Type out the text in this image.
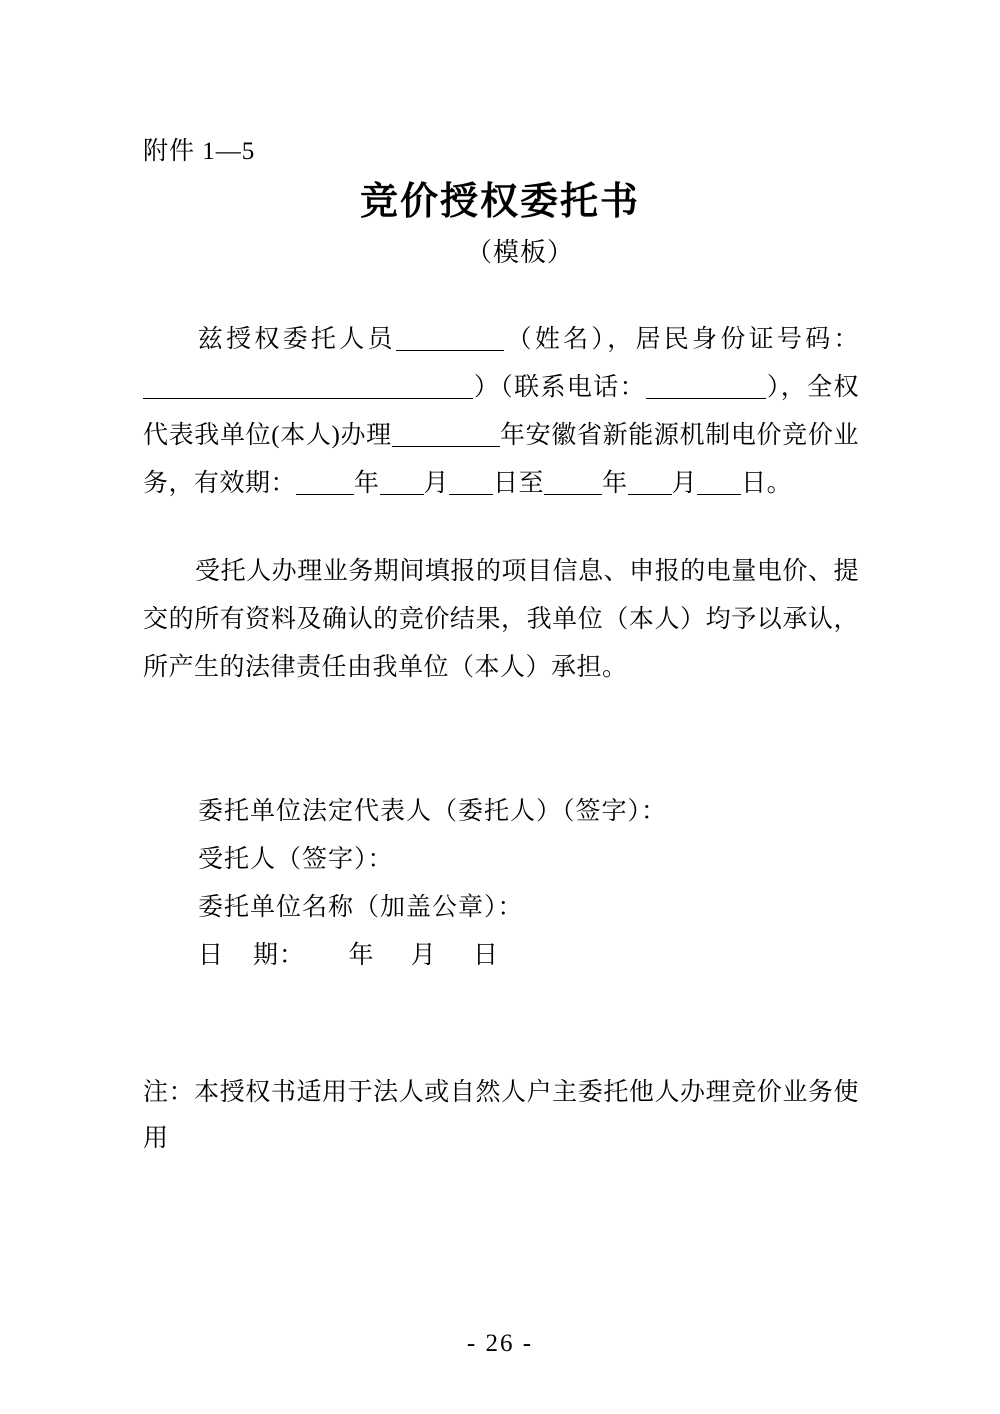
附件 1—5
竞价授权委托书
（模板）
兹授权委托人员	（姓名），居民身份证号码：）（联系电话：	），全权代表我单位(本人)办理	年安徽省新能源机制电价竞价业务，有效期： 年 月 日至 年 月 日。
受托人办理业务期间填报的项目信息、申报的电量电价、提交的所有资料及确认的竞价结果，我单位（本人）均予以承认，所产生的法律责任由我单位（本人）承担。
委托单位法定代表人（委托人）（签字）：
受托人（签字）：
委托单位名称（加盖公章）：
日    期：      年     月     日
注：本授权书适用于法人或自然人户主委托他人办理竞价业务使用
- 26 -
